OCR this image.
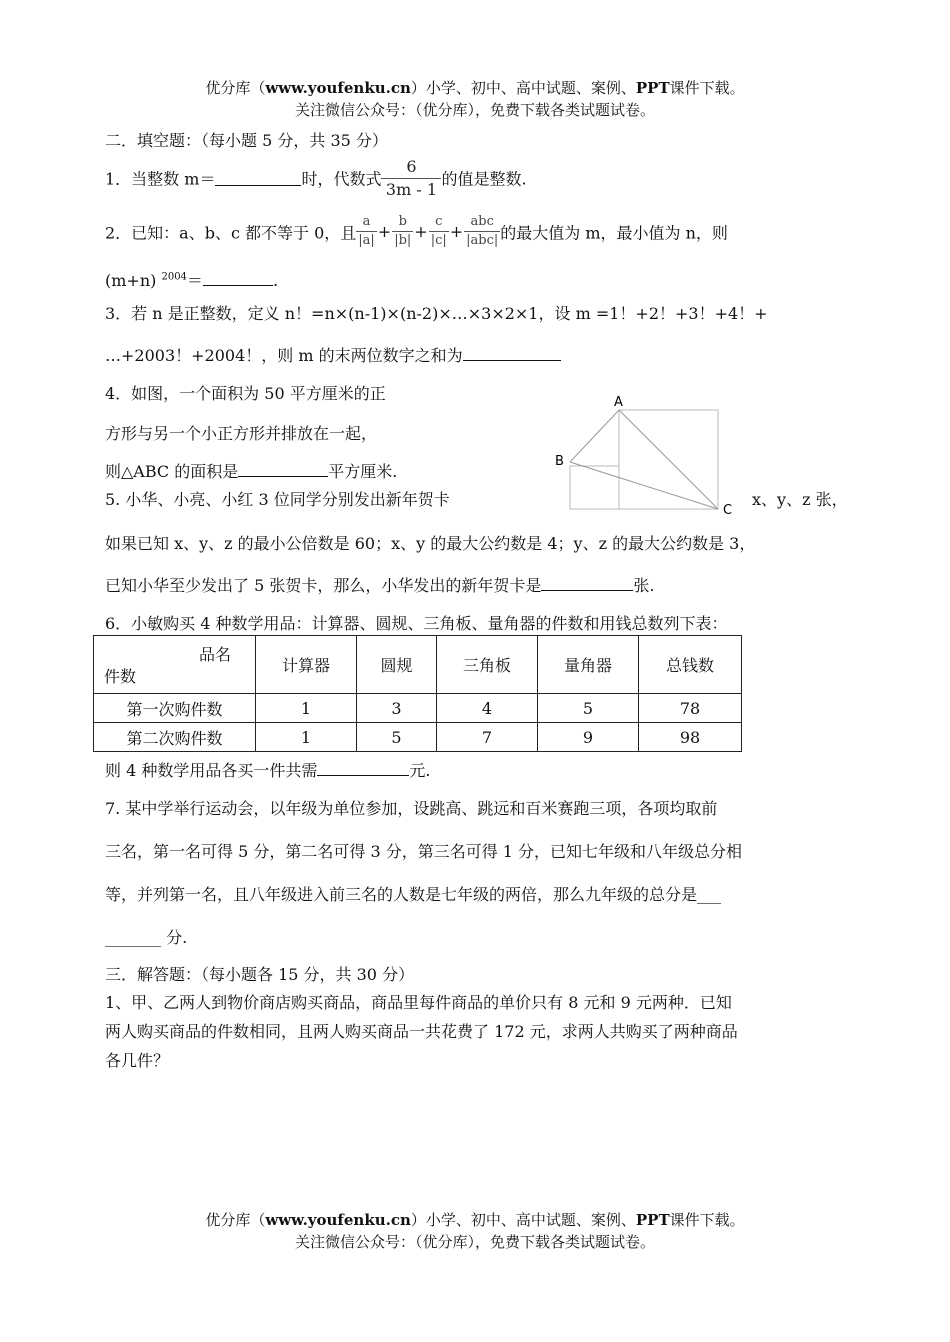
优分库（www.youfenku.cn）小学、初中、高中试题、案例、PPT课件下载。
关注微信公众号：（优分库），免费下载各类试题试卷。
二．填空题：（每小题 5 分，共 35 分）
1．当整数 m＝	时，代数式 $\frac{6}{3m - 1}$ 的值是整数.
2．已知：a、b、c 都不等于 0，且 $\frac{a}{|a|} + \frac{b}{|b|} + \frac{c}{|c|} + \frac{\text{abc}}{\text{|abc|}}$ 的最大值为 m，最小值为 n，则
(m+n) $^{2004}$＝	.
3．若 n 是正整数，定义 n！=n×(n-1)×(n-2)×…×3×2×1，设 m =1！+2！+3！+4！+
…+2003！+2004！，则 m 的末两位数字之和为
4．如图，一个面积为 50 平方厘米的正
方形与另一个小正方形并排放在一起，
则△ABC 的面积是	平方厘米.
A
B
C
5. 小华、小亮、小红 3 位同学分别发出新年贺卡	x、y、z 张，
如果已知 x、y、z 的最小公倍数是 60；x、y 的最大公约数是 4；y、z 的最大公约数是 3，
已知小华至少发出了 5 张贺卡，那么，小华发出的新年贺卡是	张.
6．小敏购买 4 种数学用品：计算器、圆规、三角板、量角器的件数和用钱总数列下表：
品名
件数	计算器	圆规	三角板	量角器	总钱数
第一次购件数	1	3	4	5	78
第二次购件数	1	5	7	9	98
则 4 种数学用品各买一件共需	元.
7. 某中学举行运动会，以年级为单位参加，设跳高、跳远和百米赛跑三项，各项均取前
三名，第一名可得 5 分，第二名可得 3 分，第三名可得 1 分，已知七年级和八年级总分相
等，并列第一名，且八年级进入前三名的人数是七年级的两倍，那么九年级的总分是___
_______ 分.
三．解答题：（每小题各 15 分，共 30 分）
1、甲、乙两人到物价商店购买商品，商品里每件商品的单价只有 8 元和 9 元两种．已知
两人购买商品的件数相同，且两人购买商品一共花费了 172 元，求两人共购买了两种商品
各几件？
优分库（www.youfenku.cn）小学、初中、高中试题、案例、PPT课件下载。
关注微信公众号：（优分库），免费下载各类试题试卷。
